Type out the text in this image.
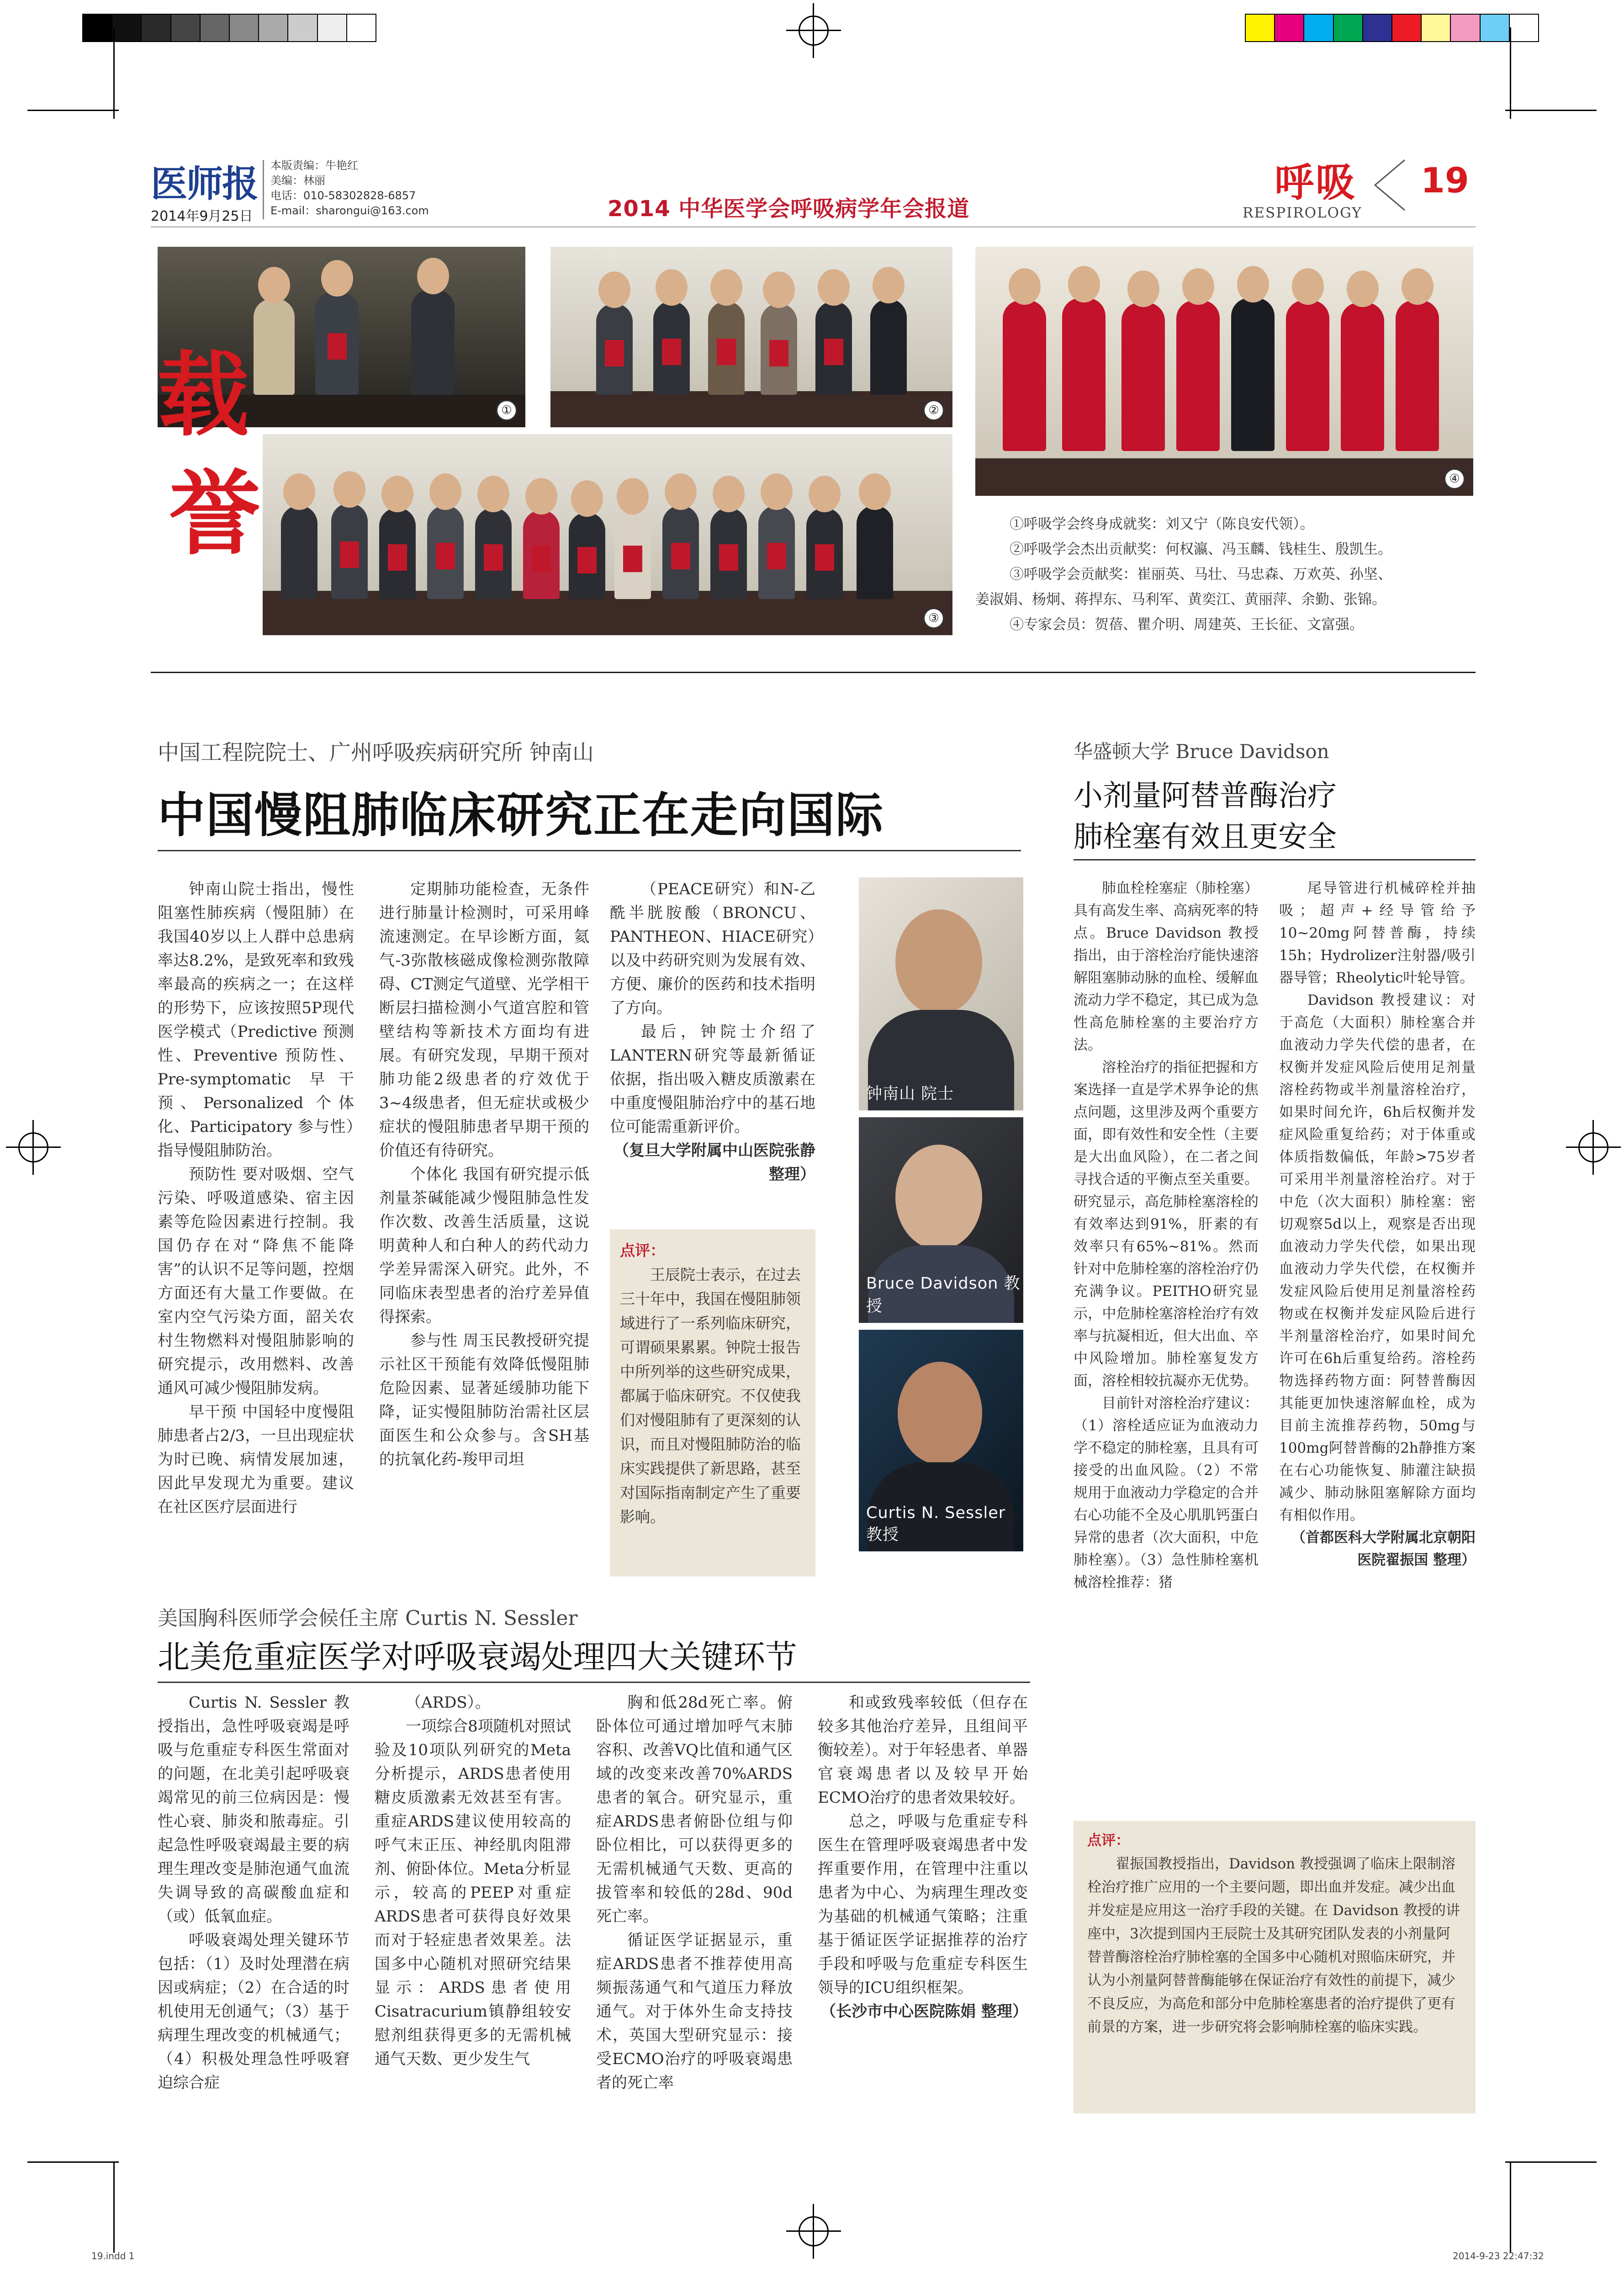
医师报
2014年9月25日
本版责编：牛艳红
美编：林丽
电话：010-58302828-6857
E-mail：sharongui@163.com	2014 中华医学会呼吸病学年会报道
呼吸
RESPIROLOGY
19
①	②
③
④
载
誉	①呼吸学会终身成就奖：刘又宁（陈良安代领）。
②呼吸学会杰出贡献奖：何权瀛、冯玉麟、钱桂生、殷凯生。
③呼吸学会贡献奖：崔丽英、马壮、马忠森、万欢英、孙坚、
姜淑娟、杨炯、蒋捍东、马利军、黄奕江、黄丽萍、余勤、张锦。
④专家会员：贺蓓、瞿介明、周建英、王长征、文富强。
中国工程院院士、广州呼吸疾病研究所 钟南山
中国慢阻肺临床研究正在走向国际

钟南山院士指出，慢性阻塞性肺疾病（慢阻肺）在我国40岁以上人群中总患病率达8.2%，是致死率和致残率最高的疾病之一；在这样的形势下，应该按照5P现代医学模式（Predictive 预测性、Preventive 预防性、Pre-symptomatic 早干预、Personalized 个体化、Participatory 参与性）指导慢阻肺防治。

预防性 要对吸烟、空气污染、呼吸道感染、宿主因素等危险因素进行控制。我国仍存在对“降焦不能降害”的认识不足等问题，控烟方面还有大量工作要做。在室内空气污染方面，韶关农村生物燃料对慢阻肺影响的研究提示，改用燃料、改善通风可减少慢阻肺发病。

早干预 中国轻中度慢阻肺患者占2/3，一旦出现症状为时已晚、病情发展加速，因此早发现尤为重要。建议在社区医疗层面进行

定期肺功能检查，无条件进行肺量计检测时，可采用峰流速测定。在早诊断方面，氦气-3弥散核磁成像检测弥散障碍、CT测定气道壁、光学相干断层扫描检测小气道宫腔和管壁结构等新技术方面均有进展。有研究发现，早期干预对肺功能2级患者的疗效优于3~4级患者，但无症状或极少症状的慢阻肺患者早期干预的价值还有待研究。

个体化 我国有研究提示低剂量茶碱能减少慢阻肺急性发作次数、改善生活质量，这说明黄种人和白种人的药代动力学差异需深入研究。此外，不同临床表型患者的治疗差异值得探索。

参与性 周玉民教授研究提示社区干预能有效降低慢阻肺危险因素、显著延缓肺功能下降，证实慢阻肺防治需社区层面医生和公众参与。含SH基的抗氧化药-羧甲司坦

（PEACE研究）和N-乙酰半胱胺酸（BRONCU、PANTHEON、HIACE研究）以及中药研究则为发展有效、方便、廉价的医药和技术指明了方向。

最后，钟院士介绍了LANTERN研究等最新循证依据，指出吸入糖皮质激素在中重度慢阻肺治疗中的基石地位可能需重新评价。

（复旦大学附属中山医院张静 整理）

点评：
王辰院士表示，在过去三十年中，我国在慢阻肺领域进行了一系列临床研究，可谓硕果累累。钟院士报告中所列举的这些研究成果，都属于临床研究。不仅使我们对慢阻肺有了更深刻的认识，而且对慢阻肺防治的临床实践提供了新思路，甚至对国际指南制定产生了重要影响。
钟南山 院士
Bruce Davidson 教授
Curtis N. Sessler 教授
华盛顿大学 Bruce Davidson
小剂量阿替普酶治疗
肺栓塞有效且更安全

肺血栓栓塞症（肺栓塞）具有高发生率、高病死率的特点。Bruce Davidson 教授指出，由于溶栓治疗能快速溶解阻塞肺动脉的血栓、缓解血流动力学不稳定，其已成为急性高危肺栓塞的主要治疗方法。

溶栓治疗的指征把握和方案选择一直是学术界争论的焦点问题，这里涉及两个重要方面，即有效性和安全性（主要是大出血风险），在二者之间寻找合适的平衡点至关重要。研究显示，高危肺栓塞溶栓的有效率达到91%，肝素的有效率只有65%~81%。然而针对中危肺栓塞的溶栓治疗仍充满争议。PEITHO研究显示，中危肺栓塞溶栓治疗有效率与抗凝相近，但大出血、卒中风险增加。肺栓塞复发方面，溶栓相较抗凝亦无优势。

目前针对溶栓治疗建议：（1）溶栓适应证为血液动力学不稳定的肺栓塞，且具有可接受的出血风险。（2）不常规用于血液动力学稳定的合并右心功能不全及心肌肌钙蛋白异常的患者（次大面积，中危肺栓塞）。（3）急性肺栓塞机械溶栓推荐：猪

尾导管进行机械碎栓并抽吸；超声+经导管给予10~20mg阿替普酶，持续15h；Hydrolizer注射器/吸引器导管；Rheolytic叶轮导管。

Davidson 教授建议：对于高危（大面积）肺栓塞合并血液动力学失代偿的患者，在权衡并发症风险后使用足剂量溶栓药物或半剂量溶栓治疗，如果时间允许，6h后权衡并发症风险重复给药；对于体重或体质指数偏低，年龄>75岁者可采用半剂量溶栓治疗。对于中危（次大面积）肺栓塞：密切观察5d以上，观察是否出现血液动力学失代偿，如果出现血液动力学失代偿，在权衡并发症风险后使用足剂量溶栓药物或在权衡并发症风险后进行半剂量溶栓治疗，如果时间允许可在6h后重复给药。溶栓药物选择药物方面：阿替普酶因其能更加快速溶解血栓，成为目前主流推荐药物，50mg与100mg阿替普酶的2h静推方案在右心功能恢复、肺灌注缺损减少、肺动脉阻塞解除方面均有相似作用。

（首都医科大学附属北京朝阳医院翟振国 整理）

点评：
翟振国教授指出，Davidson 教授强调了临床上限制溶栓治疗推广应用的一个主要问题，即出血并发症。减少出血并发症是应用这一治疗手段的关键。在 Davidson 教授的讲座中，3次提到国内王辰院士及其研究团队发表的小剂量阿替普酶溶栓治疗肺栓塞的全国多中心随机对照临床研究，并认为小剂量阿替普酶能够在保证治疗有效性的前提下，减少不良反应，为高危和部分中危肺栓塞患者的治疗提供了更有前景的方案，进一步研究将会影响肺栓塞的临床实践。
美国胸科医师学会候任主席 Curtis N. Sessler
北美危重症医学对呼吸衰竭处理四大关键环节

Curtis N. Sessler 教授指出，急性呼吸衰竭是呼吸与危重症专科医生常面对的问题，在北美引起呼吸衰竭常见的前三位病因是：慢性心衰、肺炎和脓毒症。引起急性呼吸衰竭最主要的病理生理改变是肺泡通气血流失调导致的高碳酸血症和（或）低氧血症。

呼吸衰竭处理关键环节包括：（1）及时处理潜在病因或病症；（2）在合适的时机使用无创通气；（3）基于病理生理改变的机械通气；（4）积极处理急性呼吸窘迫综合症

（ARDS）。

一项综合8项随机对照试验及10项队列研究的Meta分析提示，ARDS患者使用糖皮质激素无效甚至有害。重症ARDS建议使用较高的呼气末正压、神经肌肉阻滞剂、俯卧体位。Meta分析显示，较高的PEEP对重症ARDS患者可获得良好效果而对于轻症患者效果差。法国多中心随机对照研究结果显示：ARDS患者使用Cisatracurium镇静组较安慰剂组获得更多的无需机械通气天数、更少发生气

胸和低28d死亡率。俯卧体位可通过增加呼气末肺容积、改善VQ比值和通气区域的改变来改善70%ARDS患者的氧合。研究显示，重症ARDS患者俯卧位组与仰卧位相比，可以获得更多的无需机械通气天数、更高的拔管率和较低的28d、90d死亡率。

循证医学证据显示，重症ARDS患者不推荐使用高频振荡通气和气道压力释放通气。对于体外生命支持技术，英国大型研究显示：接受ECMO治疗的呼吸衰竭患者的死亡率

和或致残率较低（但存在较多其他治疗差异，且组间平衡较差）。对于年轻患者、单器官衰竭患者以及较早开始ECMO治疗的患者效果较好。

总之，呼吸与危重症专科医生在管理呼吸衰竭患者中发挥重要作用，在管理中注重以患者为中心、为病理生理改变为基础的机械通气策略；注重基于循证医学证据推荐的治疗手段和呼吸与危重症专科医生领导的ICU组织框架。

（长沙市中心医院陈娟 整理）

19.indd 1	2014-9-23 22:47:32
